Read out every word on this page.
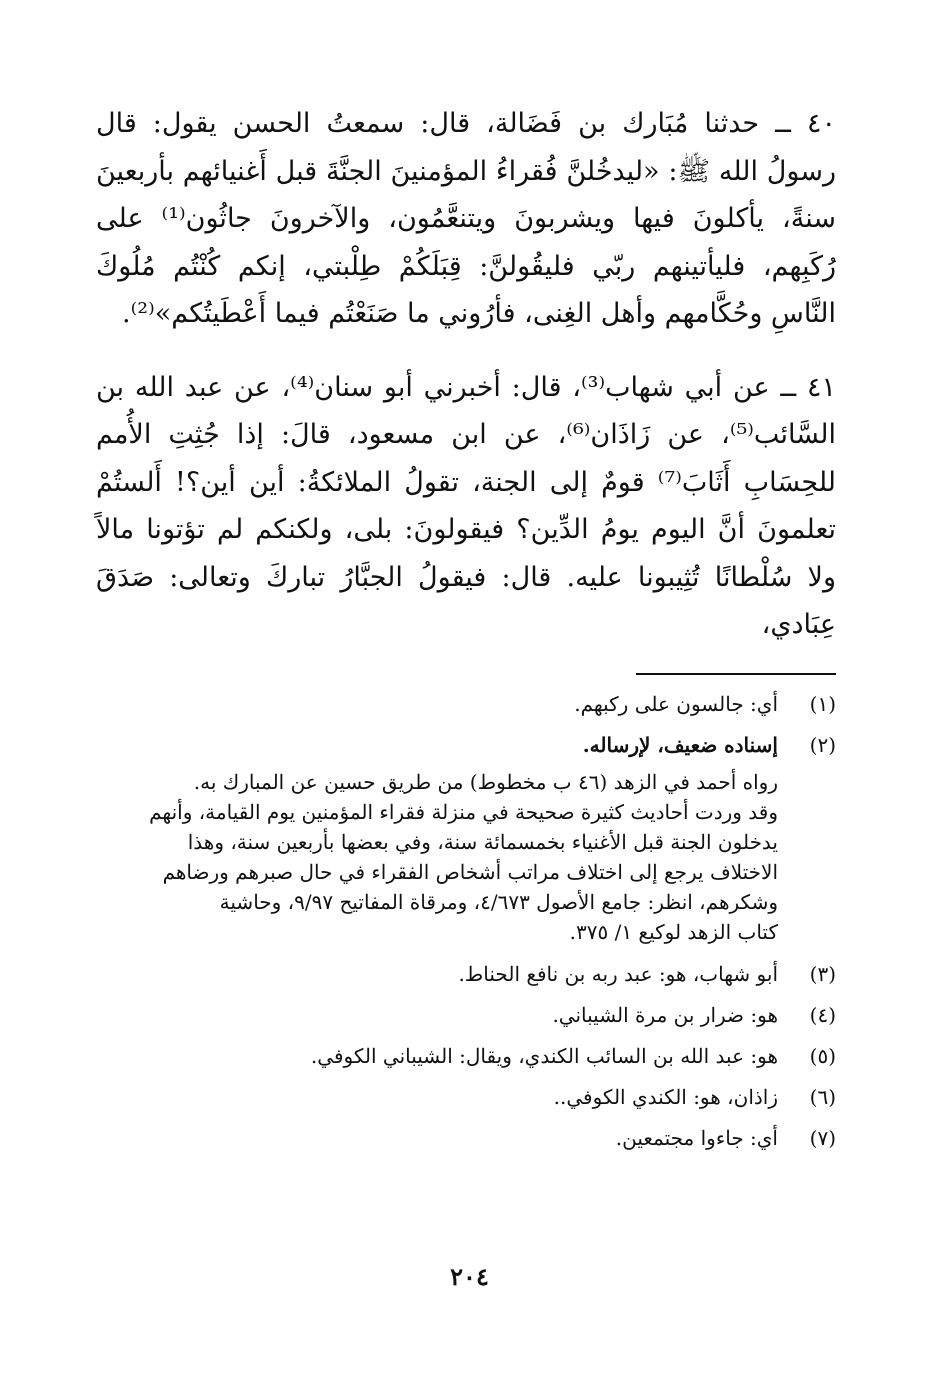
٤٠ ــ حدثنا مُبَارك بن فَضَالة، قال: سمعتُ الحسن يقول: قال رسولُ الله ﷺ: «ليدخُلنَّ فُقراءُ المؤمنينَ الجنَّةَ قبل أَغنيائهم بأربعينَ سنةً، يأكلونَ فيها ويشربونَ ويتنعَّمُون، والآخرونَ جاثُون⁽¹⁾ على رُكَبِهم، فليأتينهم ربّي فليقُولنَّ: قِبَلَكُمْ طِلْبتي، إنكم كُنْتُم مُلُوكَ النَّاسِ وحُكَّامهم وأهل الغِنى، فأرُوني ما صَنَعْتُم فيما أَعْطَيتُكم»⁽²⁾.

٤١ ــ عن أبي شهاب⁽³⁾، قال: أخبرني أبو سنان⁽⁴⁾، عن عبد الله بن السَّائب⁽⁵⁾، عن زَاذَان⁽⁶⁾، عن ابن مسعود، قالَ: إذا جُثِتِ الأُمم للحِسَابِ أَثَابَ⁽⁷⁾ قومٌ إلى الجنة، تقولُ الملائكةُ: أين أين؟! أَلستُمْ تعلمونَ أنَّ اليوم يومُ الدِّين؟ فيقولونَ: بلى، ولكنكم لم تؤتونا مالاً ولا سُلْطانًا تُثِيبونا عليه. قال: فيقولُ الجبَّارُ تباركَ وتعالى: صَدَقَ عِبَادي،

(١)
أي: جالسون على ركبهم.
(٢)
إسناده ضعيف، لإرساله.
رواه أحمد في الزهد (٤٦ ب مخطوط) من طريق حسين عن المبارك به.
وقد وردت أحاديث كثيرة صحيحة في منزلة فقراء المؤمنين يوم القيامة، وأنهم
يدخلون الجنة قبل الأغنياء بخمسمائة سنة، وفي بعضها بأربعين سنة، وهذا
الاختلاف يرجع إلى اختلاف مراتب أشخاص الفقراء في حال صبرهم ورضاهم
وشكرهم، انظر: جامع الأصول ٤/٦٧٣، ومرقاة المفاتيح ٩/٩٧، وحاشية
كتاب الزهد لوكيع ١/ ٣٧٥.
(٣)
أبو شهاب، هو: عبد ربه بن نافع الحناط.
(٤)
هو: ضرار بن مرة الشيباني.
(٥)
هو: عبد الله بن السائب الكندي، ويقال: الشيباني الكوفي.
(٦)
زاذان، هو: الكندي الكوفي..
(٧)
أي: جاءوا مجتمعين.
٢٠٤
